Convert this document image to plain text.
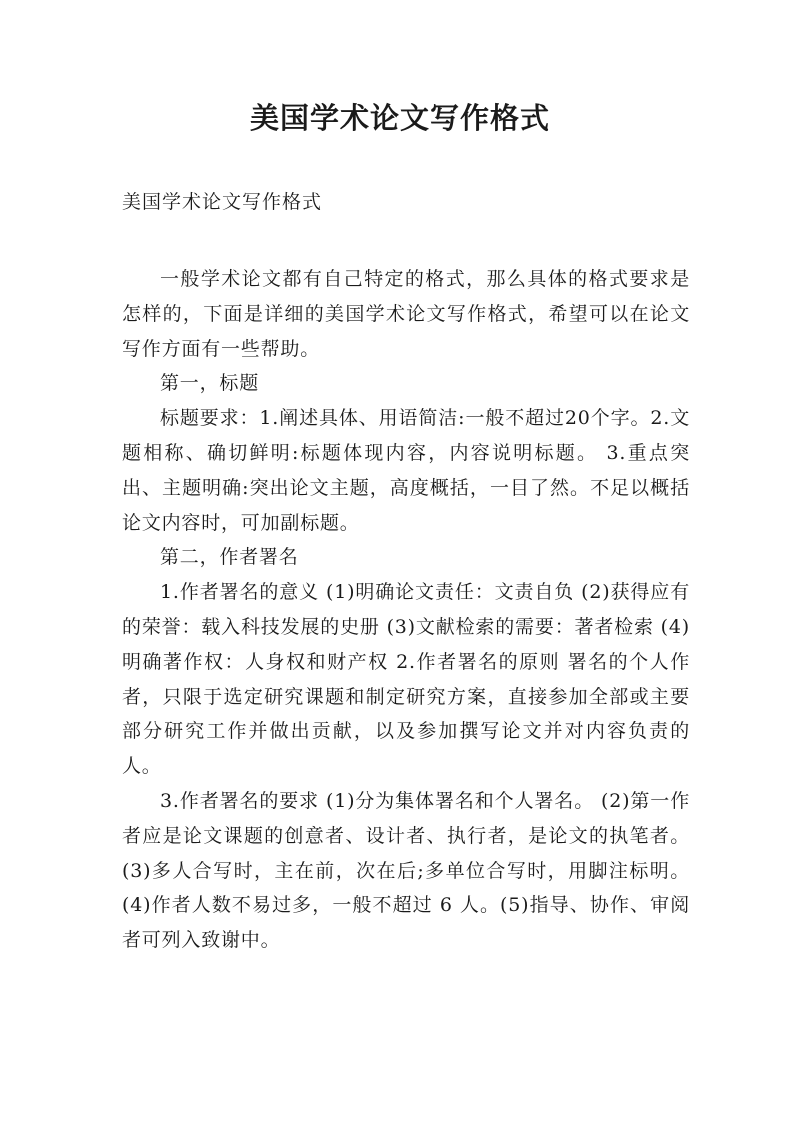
美国学术论文写作格式

美国学术论文写作格式

一般学术论文都有自己特定的格式，那么具体的格式要求是怎样的，下面是详细的美国学术论文写作格式，希望可以在论文写作方面有一些帮助。

第一，标题

标题要求：1.阐述具体、用语简洁:一般不超过20个字。2.文题相称、确切鲜明:标题体现内容，内容说明标题。 3.重点突出、主题明确:突出论文主题，高度概括，一目了然。不足以概括论文内容时，可加副标题。

第二，作者署名

1.作者署名的意义 (1)明确论文责任：文责自负 (2)获得应有的荣誉：载入科技发展的史册 (3)文献检索的需要：著者检索 (4)明确著作权：人身权和财产权 2.作者署名的原则 署名的个人作者，只限于选定研究课题和制定研究方案，直接参加全部或主要部分研究工作并做出贡献，以及参加撰写论文并对内容负责的人。

3.作者署名的要求 (1)分为集体署名和个人署名。 (2)第一作者应是论文课题的创意者、设计者、执行者，是论文的执笔者。 (3)多人合写时，主在前，次在后;多单位合写时，用脚注标明。 (4)作者人数不易过多，一般不超过 6 人。(5)指导、协作、审阅者可列入致谢中。
